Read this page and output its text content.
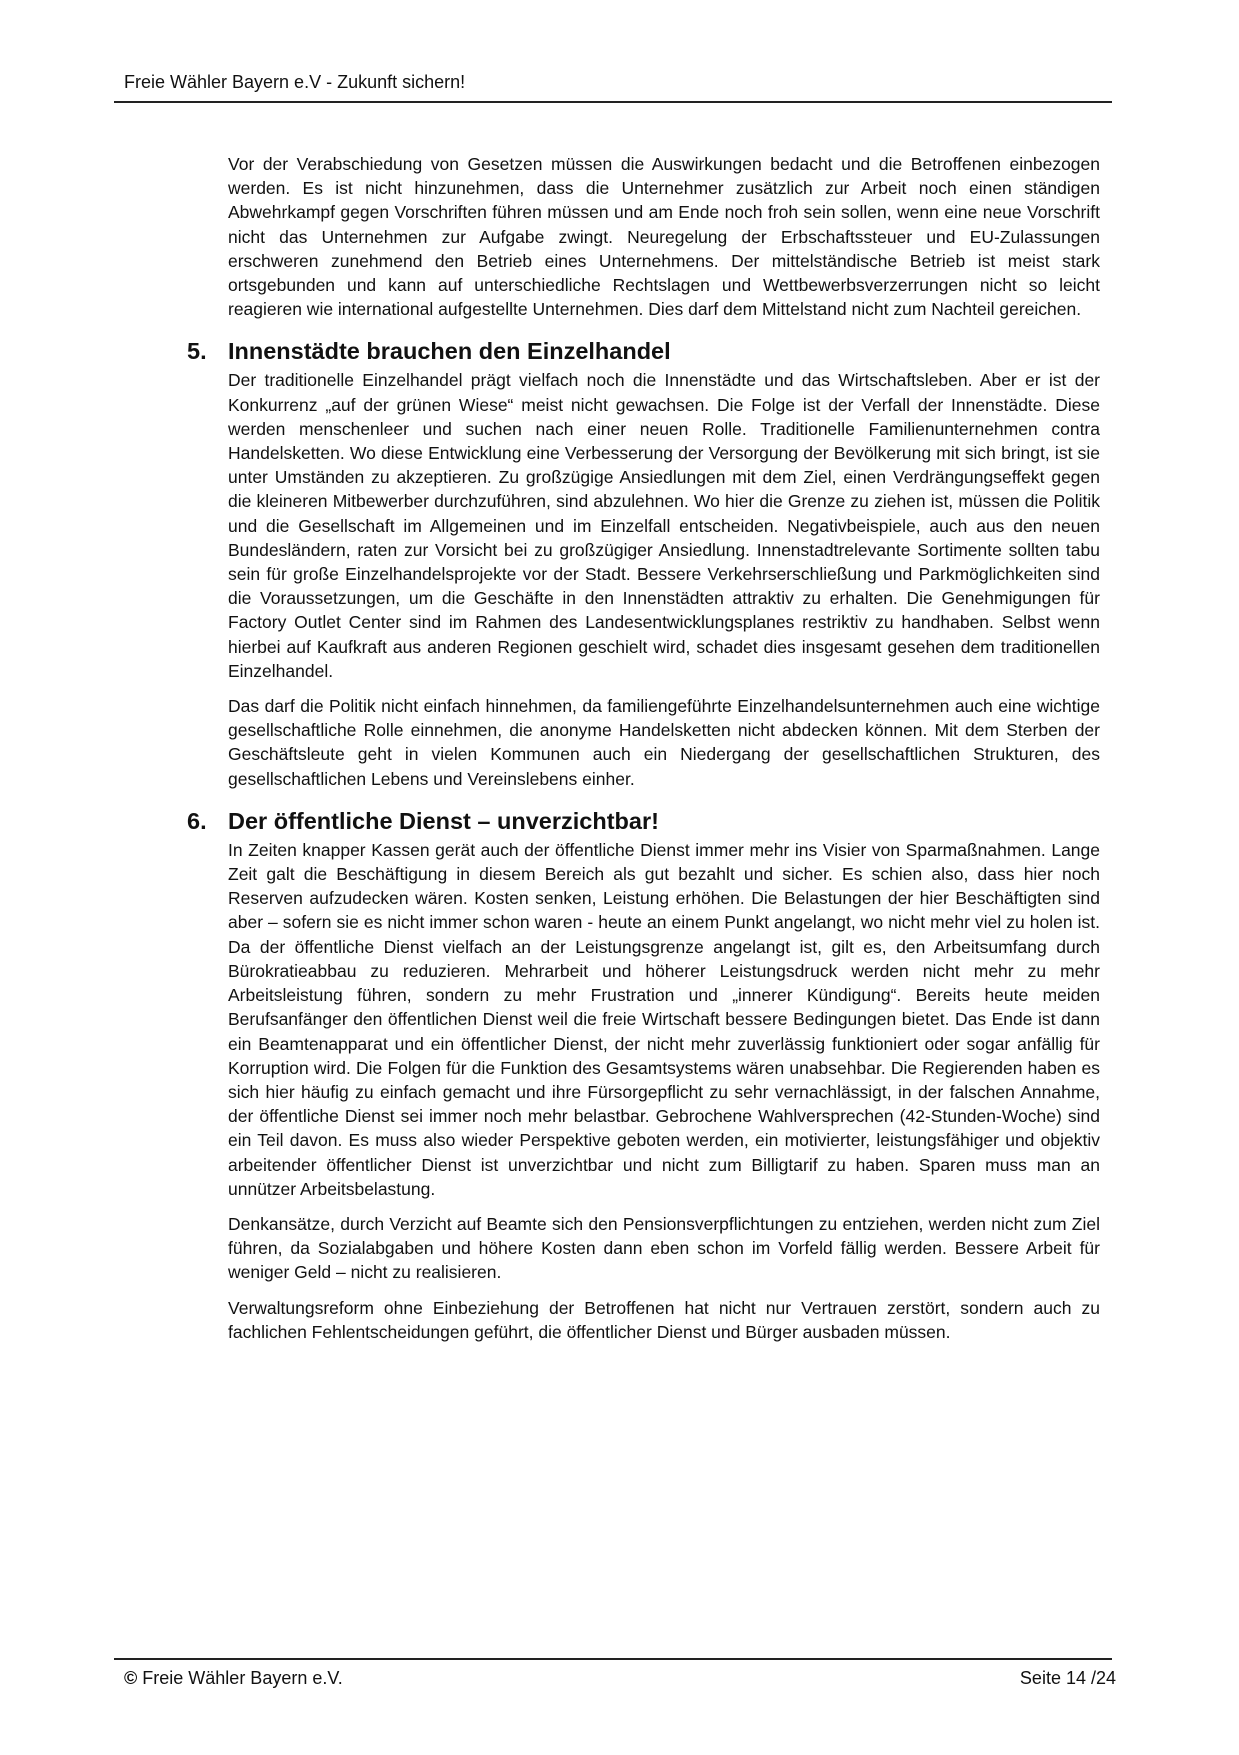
Freie Wähler Bayern e.V - Zukunft sichern!

Vor der Verabschiedung von Gesetzen müssen die Auswirkungen bedacht und die Betroffenen einbezogen werden. Es ist nicht hinzunehmen, dass die Unternehmer zusätzlich zur Arbeit noch einen ständigen Abwehrkampf gegen Vorschriften führen müssen und am Ende noch froh sein sollen, wenn eine neue Vorschrift nicht das Unternehmen zur Aufgabe zwingt. Neuregelung der Erbschaftssteuer und EU-Zulassungen erschweren zunehmend den Betrieb eines Unternehmens. Der mittelständische Betrieb ist meist stark ortsgebunden und kann auf unterschiedliche Rechtslagen und Wettbewerbsverzerrungen nicht so leicht reagieren wie international aufgestellte Unternehmen. Dies darf dem Mittelstand nicht zum Nachteil gereichen.

5. Innenstädte brauchen den Einzelhandel

Der traditionelle Einzelhandel prägt vielfach noch die Innenstädte und das Wirtschaftsleben. Aber er ist der Konkurrenz „auf der grünen Wiese“ meist nicht gewachsen. Die Folge ist der Verfall der Innenstädte. Diese werden menschenleer und suchen nach einer neuen Rolle. Traditionelle Familienunternehmen contra Handelsketten. Wo diese Entwicklung eine Verbesserung der Versorgung der Bevölkerung mit sich bringt, ist sie unter Umständen zu akzeptieren. Zu großzügige Ansiedlungen mit dem Ziel, einen Verdrängungseffekt gegen die kleineren Mitbewerber durchzuführen, sind abzulehnen. Wo hier die Grenze zu ziehen ist, müssen die Politik und die Gesellschaft im Allgemeinen und im Einzelfall entscheiden. Negativbeispiele, auch aus den neuen Bundesländern, raten zur Vorsicht bei zu großzügiger Ansiedlung. Innenstadtrelevante Sortimente sollten tabu sein für große Einzelhandelsprojekte vor der Stadt. Bessere Verkehrserschließung und Parkmöglichkeiten sind die Voraussetzungen, um die Geschäfte in den Innenstädten attraktiv zu erhalten. Die Genehmigungen für Factory Outlet Center sind im Rahmen des Landesentwicklungsplanes restriktiv zu handhaben. Selbst wenn hierbei auf Kaufkraft aus anderen Regionen geschielt wird, schadet dies insgesamt gesehen dem traditionellen Einzelhandel.

Das darf die Politik nicht einfach hinnehmen, da familiengeführte Einzelhandelsunternehmen auch eine wichtige gesellschaftliche Rolle einnehmen, die anonyme Handelsketten nicht abdecken können. Mit dem Sterben der Geschäftsleute geht in vielen Kommunen auch ein Niedergang der gesellschaftlichen Strukturen, des gesellschaftlichen Lebens und Vereinslebens einher.

6. Der öffentliche Dienst – unverzichtbar!

In Zeiten knapper Kassen gerät auch der öffentliche Dienst immer mehr ins Visier von Sparmaßnahmen. Lange Zeit galt die Beschäftigung in diesem Bereich als gut bezahlt und sicher. Es schien also, dass hier noch Reserven aufzudecken wären. Kosten senken, Leistung erhöhen. Die Belastungen der hier Beschäftigten sind aber – sofern sie es nicht immer schon waren - heute an einem Punkt angelangt, wo nicht mehr viel zu holen ist. Da der öffentliche Dienst vielfach an der Leistungsgrenze angelangt ist, gilt es, den Arbeitsumfang durch Bürokratieabbau zu reduzieren. Mehrarbeit und höherer Leistungsdruck werden nicht mehr zu mehr Arbeitsleistung führen, sondern zu mehr Frustration und „innerer Kündigung“. Bereits heute meiden Berufsanfänger den öffentlichen Dienst weil die freie Wirtschaft bessere Bedingungen bietet. Das Ende ist dann ein Beamtenapparat und ein öffentlicher Dienst, der nicht mehr zuverlässig funktioniert oder sogar anfällig für Korruption wird. Die Folgen für die Funktion des Gesamtsystems wären unabsehbar. Die Regierenden haben es sich hier häufig zu einfach gemacht und ihre Fürsorgepflicht zu sehr vernachlässigt, in der falschen Annahme, der öffentliche Dienst sei immer noch mehr belastbar. Gebrochene Wahlversprechen (42-Stunden-Woche) sind ein Teil davon. Es muss also wieder Perspektive geboten werden, ein motivierter, leistungsfähiger und objektiv arbeitender öffentlicher Dienst ist unverzichtbar und nicht zum Billigtarif zu haben. Sparen muss man an unnützer Arbeitsbelastung.

Denkansätze, durch Verzicht auf Beamte sich den Pensionsverpflichtungen zu entziehen, werden nicht zum Ziel führen, da Sozialabgaben und höhere Kosten dann eben schon im Vorfeld fällig werden. Bessere Arbeit für weniger Geld – nicht zu realisieren.

Verwaltungsreform ohne Einbeziehung der Betroffenen hat nicht nur Vertrauen zerstört, sondern auch zu fachlichen Fehlentscheidungen geführt, die öffentlicher Dienst und Bürger ausbaden müssen.

© Freie Wähler Bayern e.V.	Seite 14 /24
